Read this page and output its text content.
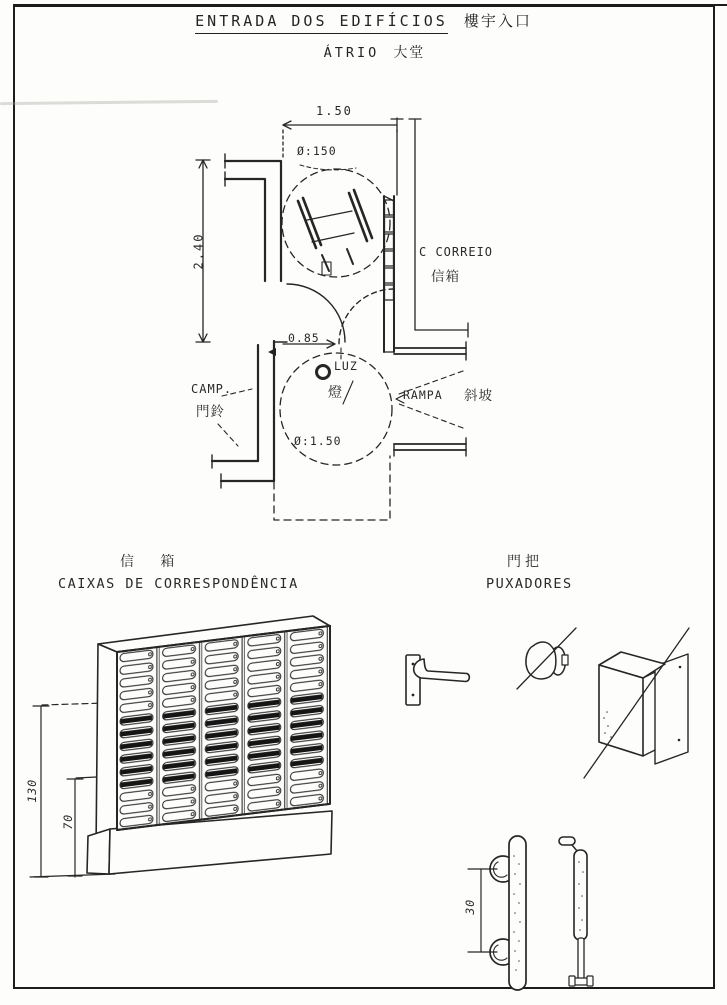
ENTRADA DOS EDIFÍCIOS 樓宇入口
ÁTRIO 大堂
1.50
Ø:150
2.40	C CORREIO
信箱
0.85
LUZ
燈
CAMP.
門鈴
RAMPA 斜坡
Ø:1.50
信 箱
CAIXAS DE CORRESPONDÊNCIA
130
70
門把
PUXADORES
30
